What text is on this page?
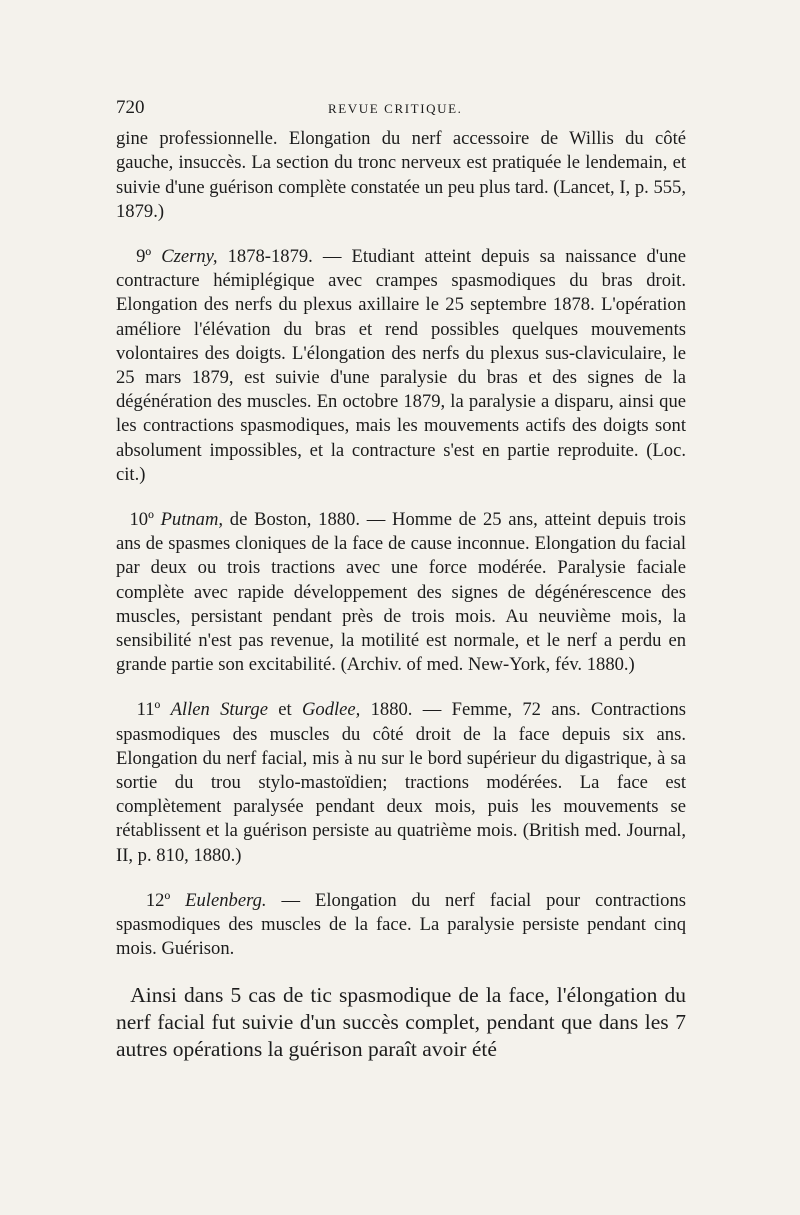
720	REVUE CRITIQUE.

gine professionnelle. Elongation du nerf accessoire de Willis du côté gauche, insuccès. La section du tronc nerveux est pratiquée le lendemain, et suivie d'une guérison complète constatée un peu plus tard. (Lancet, I, p. 555, 1879.)

9º Czerny, 1878-1879. — Etudiant atteint depuis sa naissance d'une contracture hémiplégique avec crampes spasmodiques du bras droit. Elongation des nerfs du plexus axillaire le 25 septembre 1878. L'opération améliore l'élévation du bras et rend possibles quelques mouvements volontaires des doigts. L'élongation des nerfs du plexus sus-claviculaire, le 25 mars 1879, est suivie d'une paralysie du bras et des signes de la dégénération des muscles. En octobre 1879, la paralysie a disparu, ainsi que les contractions spasmodiques, mais les mouvements actifs des doigts sont absolument impossibles, et la contracture s'est en partie reproduite. (Loc. cit.)

10º Putnam, de Boston, 1880. — Homme de 25 ans, atteint depuis trois ans de spasmes cloniques de la face de cause inconnue. Elongation du facial par deux ou trois tractions avec une force modérée. Paralysie faciale complète avec rapide développement des signes de dégénérescence des muscles, persistant pendant près de trois mois. Au neuvième mois, la sensibilité n'est pas revenue, la motilité est normale, et le nerf a perdu en grande partie son excitabilité. (Archiv. of med. New-York, fév. 1880.)

11º Allen Sturge et Godlee, 1880. — Femme, 72 ans. Contractions spasmodiques des muscles du côté droit de la face depuis six ans. Elongation du nerf facial, mis à nu sur le bord supérieur du digastrique, à sa sortie du trou stylo-mastoïdien; tractions modérées. La face est complètement paralysée pendant deux mois, puis les mouvements se rétablissent et la guérison persiste au quatrième mois. (British med. Journal, II, p. 810, 1880.)

12º Eulenberg. — Elongation du nerf facial pour contractions spasmodiques des muscles de la face. La paralysie persiste pendant cinq mois. Guérison.

Ainsi dans 5 cas de tic spasmodique de la face, l'élongation du nerf facial fut suivie d'un succès complet, pendant que dans les 7 autres opérations la guérison paraît avoir été
